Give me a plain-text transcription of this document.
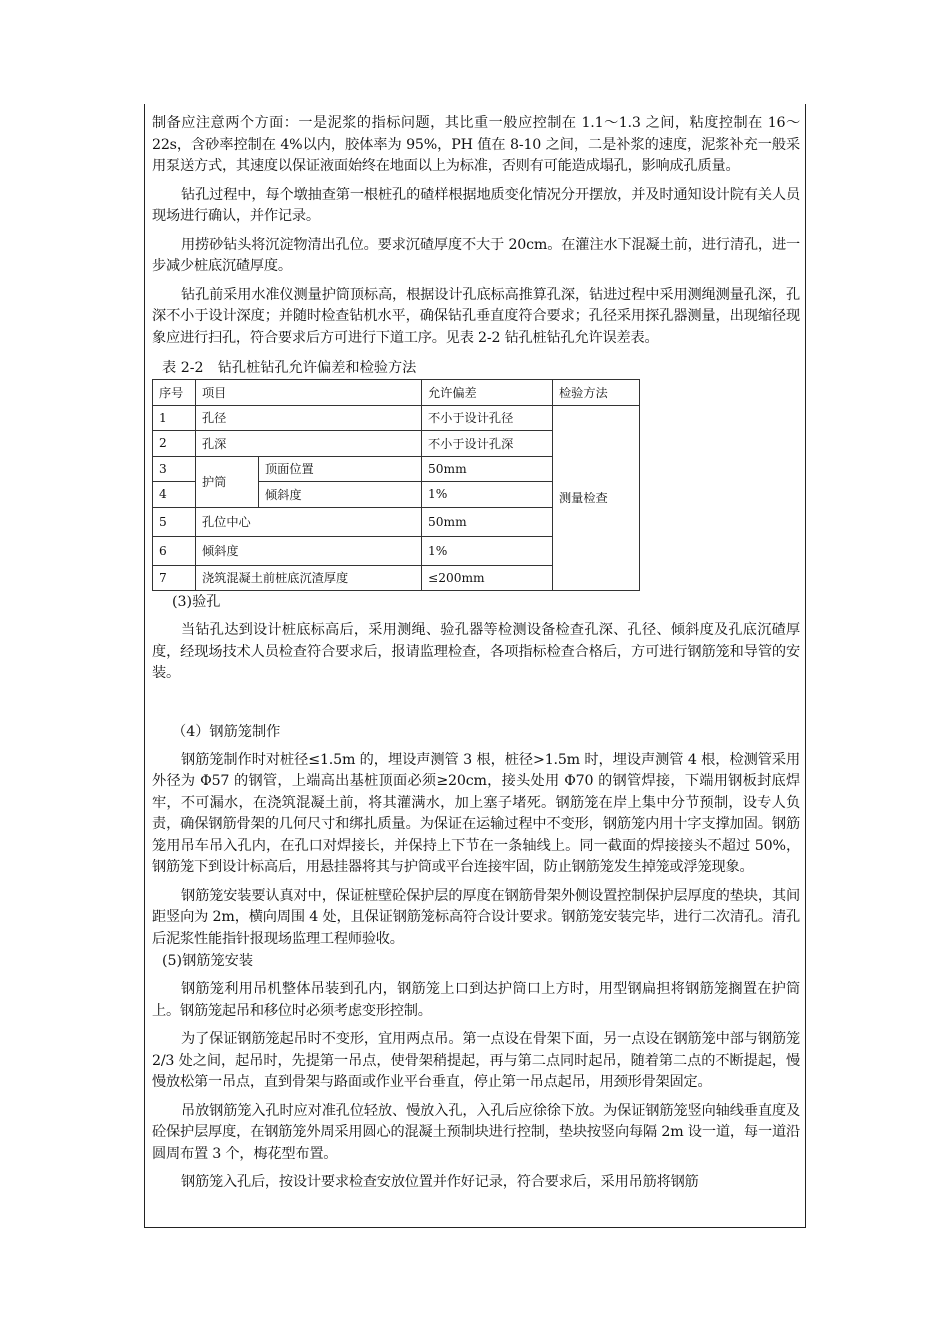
制备应注意两个方面：一是泥浆的指标问题，其比重一般应控制在 1.1～1.3 之间，粘度控制在 16～22s，含砂率控制在 4%以内，胶体率为 95%，PH 值在 8-10 之间，二是补浆的速度，泥浆补充一般采用泵送方式，其速度以保证液面始终在地面以上为标准，否则有可能造成塌孔，影响成孔质量。

钻孔过程中，每个墩抽查第一根桩孔的碴样根据地质变化情况分开摆放，并及时通知设计院有关人员现场进行确认，并作记录。

用捞砂钻头将沉淀物清出孔位。要求沉碴厚度不大于 20cm。在灌注水下混凝土前，进行清孔，进一步减少桩底沉碴厚度。

钻孔前采用水准仪测量护筒顶标高，根据设计孔底标高推算孔深，钻进过程中采用测绳测量孔深，孔深不小于设计深度；并随时检查钻机水平，确保钻孔垂直度符合要求；孔径采用探孔器测量，出现缩径现象应进行扫孔，符合要求后方可进行下道工序。见表 2-2 钻孔桩钻孔允许误差表。

表 2-2　钻孔桩钻孔允许偏差和检验方法
序号	项目		允许偏差	检验方法
1	孔径		不小于设计孔径	测量检查
2	孔深		不小于设计孔深	
3	护筒	顶面位置	50mm	
4		倾斜度	1%	
5	孔位中心		50mm	
6	倾斜度		1%	
7	浇筑混凝土前桩底沉渣厚度		≤200mm	
(3)验孔

当钻孔达到设计桩底标高后，采用测绳、验孔器等检测设备检查孔深、孔径、倾斜度及孔底沉碴厚度，经现场技术人员检查符合要求后，报请监理检查，各项指标检查合格后，方可进行钢筋笼和导管的安装。

（4）钢筋笼制作

钢筋笼制作时对桩径≤1.5m 的，埋设声测管 3 根，桩径>1.5m 时，埋设声测管 4 根，检测管采用外径为 Φ57 的钢管，上端高出基桩顶面必须≥20cm，接头处用 Φ70 的钢管焊接，下端用钢板封底焊牢，不可漏水，在浇筑混凝土前，将其灌满水，加上塞子堵死。钢筋笼在岸上集中分节预制，设专人负责，确保钢筋骨架的几何尺寸和绑扎质量。为保证在运输过程中不变形，钢筋笼内用十字支撑加固。钢筋笼用吊车吊入孔内，在孔口对焊接长，并保持上下节在一条轴线上。同一截面的焊接接头不超过 50%，钢筋笼下到设计标高后，用悬挂器将其与护筒或平台连接牢固，防止钢筋笼发生掉笼或浮笼现象。

钢筋笼安装要认真对中，保证桩壁砼保护层的厚度在钢筋骨架外侧设置控制保护层厚度的垫块，其间距竖向为 2m，横向周围 4 处，且保证钢筋笼标高符合设计要求。钢筋笼安装完毕，进行二次清孔。清孔后泥浆性能指针报现场监理工程师验收。

(5)钢筋笼安装

钢筋笼利用吊机整体吊装到孔内，钢筋笼上口到达护筒口上方时，用型钢扁担将钢筋笼搁置在护筒上。钢筋笼起吊和移位时必须考虑变形控制。

为了保证钢筋笼起吊时不变形，宜用两点吊。第一点设在骨架下面，另一点设在钢筋笼中部与钢筋笼 2/3 处之间，起吊时，先提第一吊点，使骨架稍提起，再与第二点同时起吊，随着第二点的不断提起，慢慢放松第一吊点，直到骨架与路面或作业平台垂直，停止第一吊点起吊，用颈形骨架固定。

吊放钢筋笼入孔时应对准孔位轻放、慢放入孔，入孔后应徐徐下放。为保证钢筋笼竖向轴线垂直度及砼保护层厚度，在钢筋笼外周采用圆心的混凝土预制块进行控制，垫块按竖向每隔 2m 设一道，每一道沿圆周布置 3 个，梅花型布置。

钢筋笼入孔后，按设计要求检查安放位置并作好记录，符合要求后，采用吊筋将钢筋
